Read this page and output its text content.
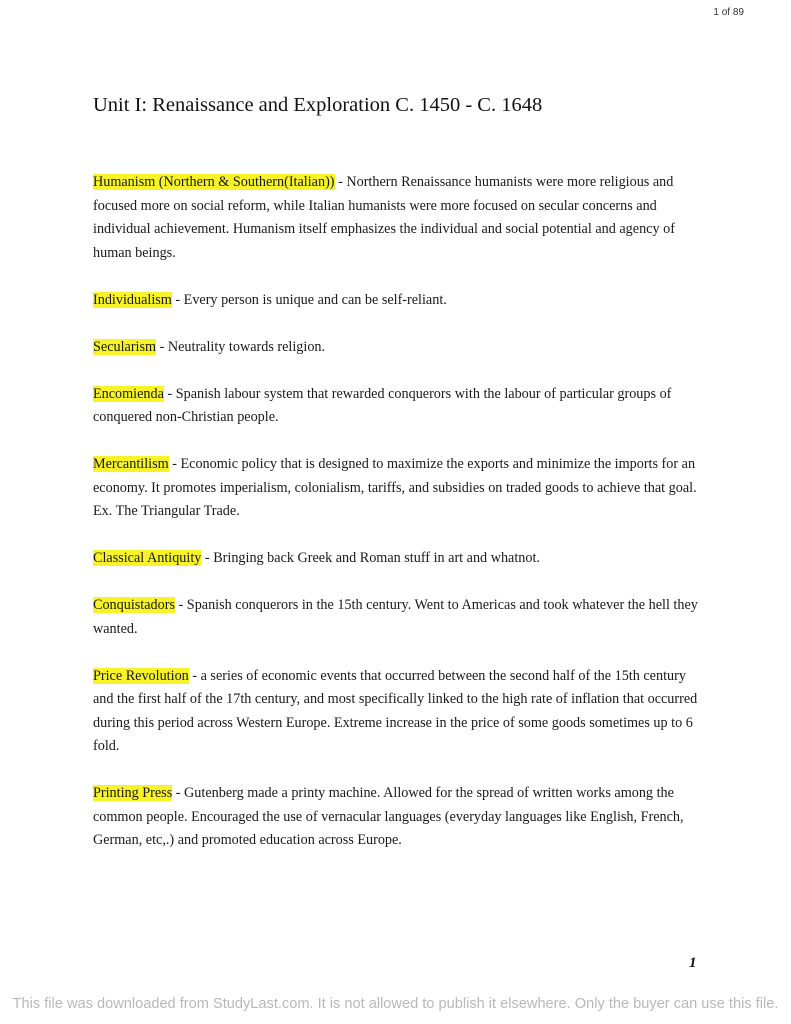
1 of 89
Unit I: Renaissance and Exploration C. 1450 - C. 1648

Humanism (Northern & Southern(Italian)) - Northern Renaissance humanists were more religious and focused more on social reform, while Italian humanists were more focused on secular concerns and individual achievement. Humanism itself emphasizes the individual and social potential and agency of human beings.

Individualism - Every person is unique and can be self-reliant.

Secularism - Neutrality towards religion.

Encomienda - Spanish labour system that rewarded conquerors with the labour of particular groups of conquered non-Christian people.

Mercantilism - Economic policy that is designed to maximize the exports and minimize the imports for an economy. It promotes imperialism, colonialism, tariffs, and subsidies on traded goods to achieve that goal. Ex. The Triangular Trade.

Classical Antiquity - Bringing back Greek and Roman stuff in art and whatnot.

Conquistadors - Spanish conquerors in the 15th century. Went to Americas and took whatever the hell they wanted.

Price Revolution - a series of economic events that occurred between the second half of the 15th century and the first half of the 17th century, and most specifically linked to the high rate of inflation that occurred during this period across Western Europe. Extreme increase in the price of some goods sometimes up to 6 fold.

Printing Press - Gutenberg made a printy machine. Allowed for the spread of written works among the common people. Encouraged the use of vernacular languages (everyday languages like English, French, German, etc,.) and promoted education across Europe.

1
This file was downloaded from StudyLast.com. It is not allowed to publish it elsewhere. Only the buyer can use this file.
